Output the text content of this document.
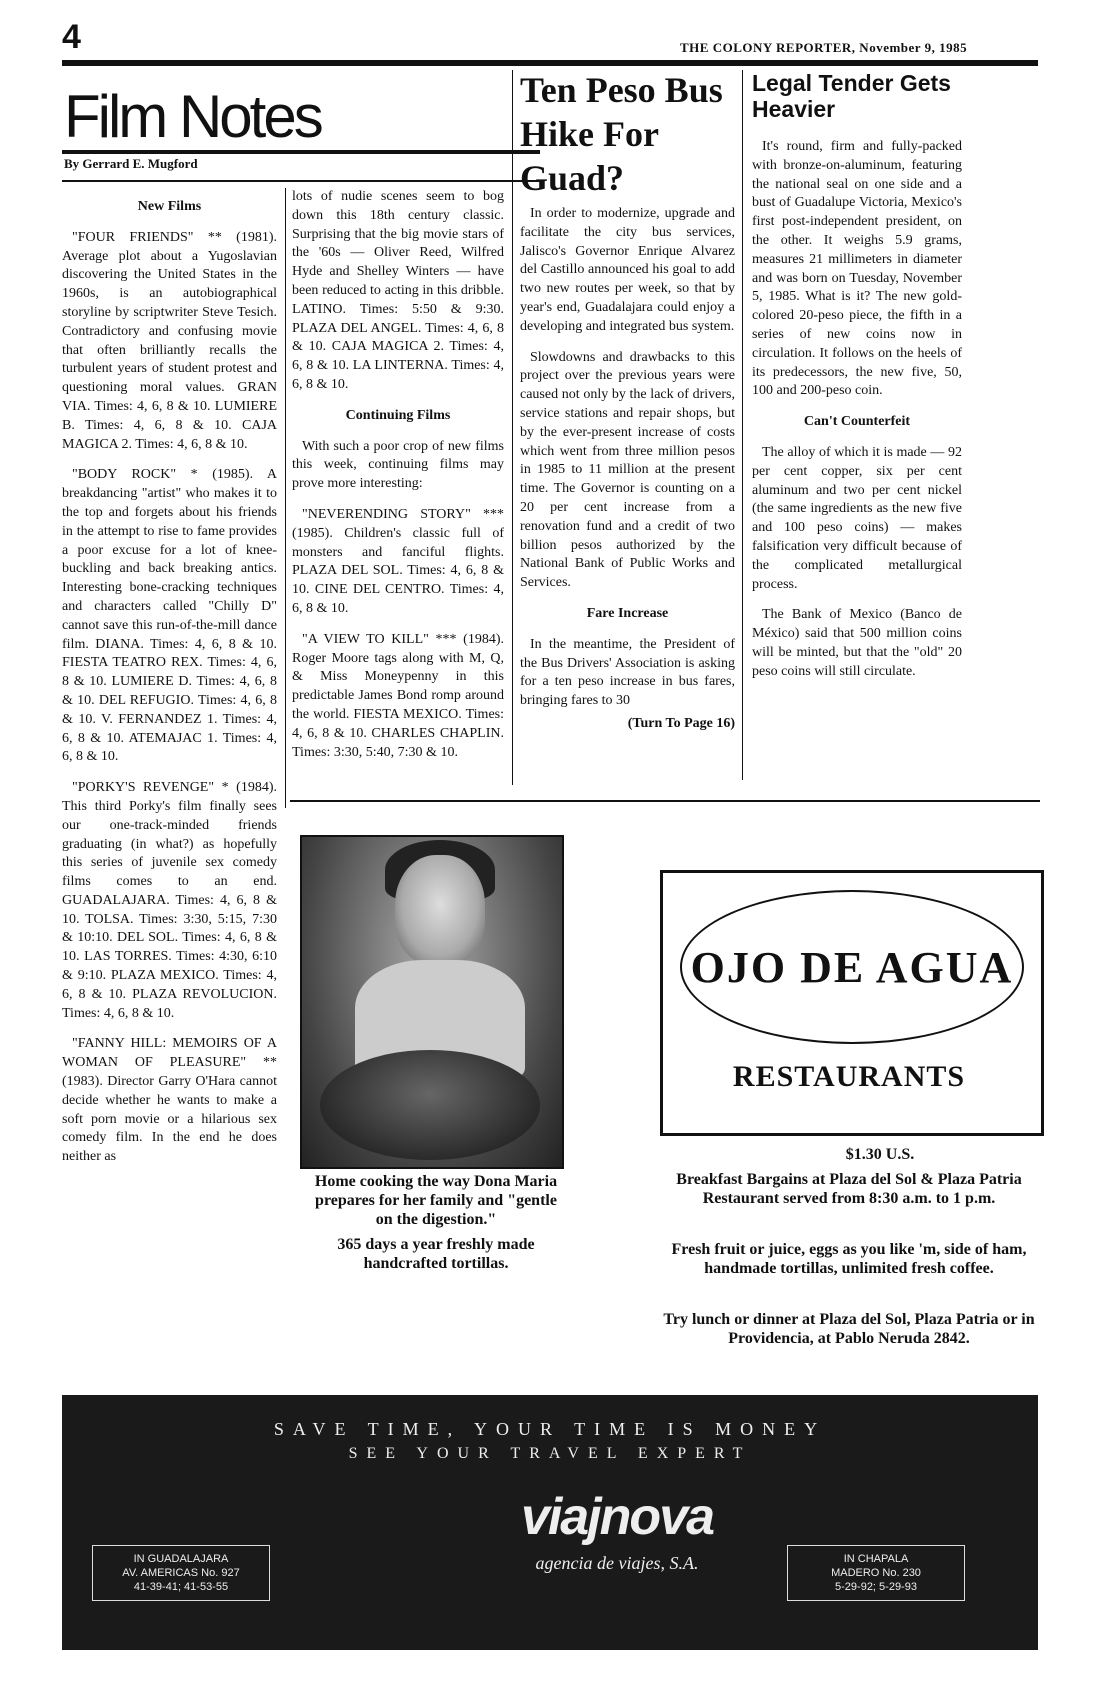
4	THE COLONY REPORTER, November 9, 1985
Film Notes
By Gerrard E. Mugford
New Films

"FOUR FRIENDS" ** (1981). Average plot about a Yugoslavian discovering the United States in the 1960s, is an autobiographical storyline by scriptwriter Steve Tesich. Contradictory and confusing movie that often brilliantly recalls the turbulent years of student protest and questioning moral values. GRAN VIA. Times: 4, 6, 8 & 10. LUMIERE B. Times: 4, 6, 8 & 10. CAJA MAGICA 2. Times: 4, 6, 8 & 10.

"BODY ROCK" * (1985). A breakdancing "artist" who makes it to the top and forgets about his friends in the attempt to rise to fame provides a poor excuse for a lot of knee-buckling and back breaking antics. Interesting bone-cracking techniques and characters called "Chilly D" cannot save this run-of-the-mill dance film. DIANA. Times: 4, 6, 8 & 10. FIESTA TEATRO REX. Times: 4, 6, 8 & 10. LUMIERE D. Times: 4, 6, 8 & 10. DEL REFUGIO. Times: 4, 6, 8 & 10. V. FERNANDEZ 1. Times: 4, 6, 8 & 10. ATEMAJAC 1. Times: 4, 6, 8 & 10.

"PORKY'S REVENGE" * (1984). This third Porky's film finally sees our one-track-minded friends graduating (in what?) as hopefully this series of juvenile sex comedy films comes to an end. GUADALAJARA. Times: 4, 6, 8 & 10. TOLSA. Times: 3:30, 5:15, 7:30 & 10:10. DEL SOL. Times: 4, 6, 8 & 10. LAS TORRES. Times: 4:30, 6:10 & 9:10. PLAZA MEXICO. Times: 4, 6, 8 & 10. PLAZA REVOLUCION. Times: 4, 6, 8 & 10.

"FANNY HILL: MEMOIRS OF A WOMAN OF PLEASURE" ** (1983). Director Garry O'Hara cannot decide whether he wants to make a soft porn movie or a hilarious sex comedy film. In the end he does neither as

lots of nudie scenes seem to bog down this 18th century classic. Surprising that the big movie stars of the '60s — Oliver Reed, Wilfred Hyde and Shelley Winters — have been reduced to acting in this dribble. LATINO. Times: 5:50 & 9:30. PLAZA DEL ANGEL. Times: 4, 6, 8 & 10. CAJA MAGICA 2. Times: 4, 6, 8 & 10. LA LINTERNA. Times: 4, 6, 8 & 10.

Continuing Films

With such a poor crop of new films this week, continuing films may prove more interesting:

"NEVERENDING STORY" *** (1985). Children's classic full of monsters and fanciful flights. PLAZA DEL SOL. Times: 4, 6, 8 & 10. CINE DEL CENTRO. Times: 4, 6, 8 & 10.

"A VIEW TO KILL" *** (1984). Roger Moore tags along with M, Q, & Miss Moneypenny in this predictable James Bond romp around the world. FIESTA MEXICO. Times: 4, 6, 8 & 10. CHARLES CHAPLIN. Times: 3:30, 5:40, 7:30 & 10.

Ten Peso Bus Hike For Guad?

In order to modernize, upgrade and facilitate the city bus services, Jalisco's Governor Enrique Alvarez del Castillo announced his goal to add two new routes per week, so that by year's end, Guadalajara could enjoy a developing and integrated bus system.

Slowdowns and drawbacks to this project over the previous years were caused not only by the lack of drivers, service stations and repair shops, but by the ever-present increase of costs which went from three million pesos in 1985 to 11 million at the present time. The Governor is counting on a 20 per cent increase from a renovation fund and a credit of two billion pesos authorized by the National Bank of Public Works and Services.

Fare Increase

In the meantime, the President of the Bus Drivers' Association is asking for a ten peso increase in bus fares, bringing fares to 30

(Turn To Page 16)
Legal Tender Gets Heavier

It's round, firm and fully-packed with bronze-on-aluminum, featuring the national seal on one side and a bust of Guadalupe Victoria, Mexico's first post-independent president, on the other. It weighs 5.9 grams, measures 21 millimeters in diameter and was born on Tuesday, November 5, 1985. What is it? The new gold-colored 20-peso piece, the fifth in a series of new coins now in circulation. It follows on the heels of its predecessors, the new five, 50, 100 and 200-peso coin.

Can't Counterfeit

The alloy of which it is made — 92 per cent copper, six per cent aluminum and two per cent nickel (the same ingredients as the new five and 100 peso coins) — makes falsification very difficult because of the complicated metallurgical process.

The Bank of Mexico (Banco de México) said that 500 million coins will be minted, but that the "old" 20 peso coins will still circulate.

Home cooking the way Dona Maria prepares for her family and "gentle on the digestion."
365 days a year freshly made handcrafted tortillas.
OJO DE AGUA
RESTAURANTS
$1.30 U.S.
Breakfast Bargains at Plaza del Sol & Plaza Patria Restaurant served from 8:30 a.m. to 1 p.m.
Fresh fruit or juice, eggs as you like 'm, side of ham, handmade tortillas, unlimited fresh coffee.
Try lunch or dinner at Plaza del Sol, Plaza Patria or in Providencia, at Pablo Neruda 2842.
SAVE TIME, YOUR TIME IS MONEY
SEE YOUR TRAVEL EXPERT
viajnova
agencia de viajes, S.A.
IN GUADALAJARA
AV. AMERICAS No. 927
41-39-41; 41-53-55
IN CHAPALA
MADERO No. 230
5-29-92; 5-29-93
